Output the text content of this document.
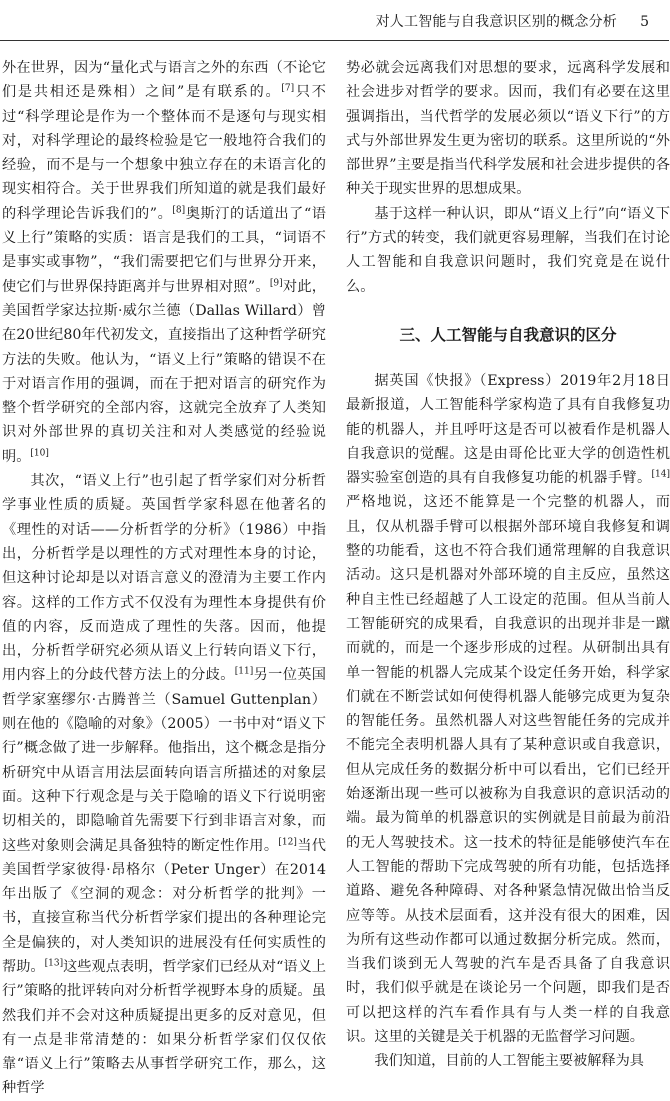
对人工智能与自我意识区别的概念分析 5

外在世界，因为“量化式与语言之外的东西（不论它们是共相还是殊相）之间”是有联系的。[7]只不过“科学理论是作为一个整体而不是逐句与现实相对，对科学理论的最终检验是它一般地符合我们的经验，而不是与一个想象中独立存在的未语言化的现实相符合。关于世界我们所知道的就是我们最好的科学理论告诉我们的”。[8]奥斯汀的话道出了“语义上行”策略的实质：语言是我们的工具，“词语不是事实或事物”，“我们需要把它们与世界分开来，使它们与世界保持距离并与世界相对照”。[9]对此，美国哲学家达拉斯·威尔兰德（Dallas Willard）曾在20世纪80年代初发文，直接指出了这种哲学研究方法的失败。他认为，“语义上行”策略的错误不在于对语言作用的强调，而在于把对语言的研究作为整个哲学研究的全部内容，这就完全放弃了人类知识对外部世界的真切关注和对人类感觉的经验说明。[10]

其次，“语义上行”也引起了哲学家们对分析哲学事业性质的质疑。英国哲学家科恩在他著名的《理性的对话——分析哲学的分析》（1986）中指出，分析哲学是以理性的方式对理性本身的讨论，但这种讨论却是以对语言意义的澄清为主要工作内容。这样的工作方式不仅没有为理性本身提供有价值的内容，反而造成了理性的失落。因而，他提出，分析哲学研究必须从语义上行转向语义下行，用内容上的分歧代替方法上的分歧。[11]另一位英国哲学家塞缪尔·古腾普兰（Samuel Guttenplan）则在他的《隐喻的对象》（2005）一书中对“语义下行”概念做了进一步解释。他指出，这个概念是指分析研究中从语言用法层面转向语言所描述的对象层面。这种下行观念是与关于隐喻的语义下行说明密切相关的，即隐喻首先需要下行到非语言对象，而这些对象则会满足具备独特的断定性作用。[12]当代美国哲学家彼得·昂格尔（Peter Unger）在2014年出版了《空洞的观念：对分析哲学的批判》一书，直接宣称当代分析哲学家们提出的各种理论完全是偏狭的，对人类知识的进展没有任何实质性的帮助。[13]这些观点表明，哲学家们已经从对“语义上行”策略的批评转向对分析哲学视野本身的质疑。虽然我们并不会对这种质疑提出更多的反对意见，但有一点是非常清楚的：如果分析哲学家们仅仅依靠“语义上行”策略去从事哲学研究工作，那么，这种哲学

势必就会远离我们对思想的要求，远离科学发展和社会进步对哲学的要求。因而，我们有必要在这里强调指出，当代哲学的发展必须以“语义下行”的方式与外部世界发生更为密切的联系。这里所说的“外部世界”主要是指当代科学发展和社会进步提供的各种关于现实世界的思想成果。

基于这样一种认识，即从“语义上行”向“语义下行”方式的转变，我们就更容易理解，当我们在讨论人工智能和自我意识问题时，我们究竟是在说什么。

三、人工智能与自我意识的区分

据英国《快报》（Express）2019年2月18日最新报道，人工智能科学家构造了具有自我修复功能的机器人，并且呼吁这是否可以被看作是机器人自我意识的觉醒。这是由哥伦比亚大学的创造性机器实验室创造的具有自我修复功能的机器手臂。[14]严格地说，这还不能算是一个完整的机器人，而且，仅从机器手臂可以根据外部环境自我修复和调整的功能看，这也不符合我们通常理解的自我意识活动。这只是机器对外部环境的自主反应，虽然这种自主性已经超越了人工设定的范围。但从当前人工智能研究的成果看，自我意识的出现并非是一蹴而就的，而是一个逐步形成的过程。从研制出具有单一智能的机器人完成某个设定任务开始，科学家们就在不断尝试如何使得机器人能够完成更为复杂的智能任务。虽然机器人对这些智能任务的完成并不能完全表明机器人具有了某种意识或自我意识，但从完成任务的数据分析中可以看出，它们已经开始逐渐出现一些可以被称为自我意识的意识活动的端。最为简单的机器意识的实例就是目前最为前沿的无人驾驶技术。这一技术的特征是能够使汽车在人工智能的帮助下完成驾驶的所有功能，包括选择道路、避免各种障碍、对各种紧急情况做出恰当反应等等。从技术层面看，这并没有很大的困难，因为所有这些动作都可以通过数据分析完成。然而，当我们谈到无人驾驶的汽车是否具备了自我意识时，我们似乎就是在谈论另一个问题，即我们是否可以把这样的汽车看作具有与人类一样的自我意识。这里的关键是关于机器的无监督学习问题。

我们知道，目前的人工智能主要被解释为具
